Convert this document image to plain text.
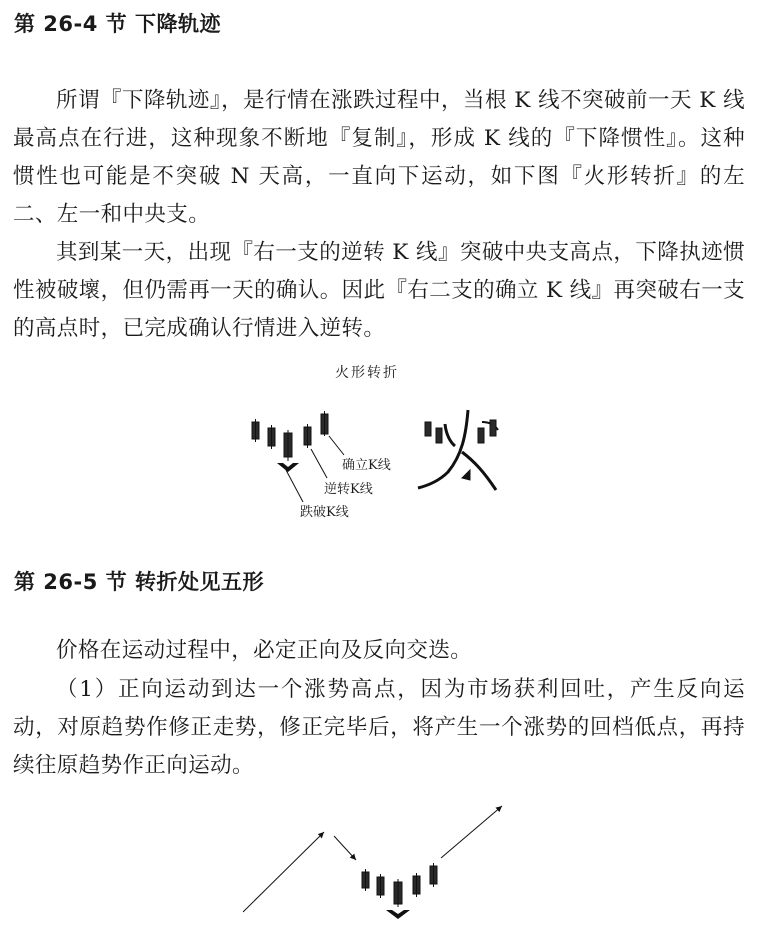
第 26-4 节 下降轨迹

所谓『下降轨迹』，是行情在涨跌过程中，当根 K 线不突破前一天 K 线最高点在行进，这种现象不断地『复制』，形成 K 线的『下降惯性』。这种惯性也可能是不突破 N 天高，一直向下运动，如下图『火形转折』的左二、左一和中央支。

其到某一天，出现『右一支的逆转 K 线』突破中央支高点，下降执迹惯性被破壞，但仍需再一天的确认。因此『右二支的确立 K 线』再突破右一支的高点时，已完成确认行情进入逆转。

火形转折
确立K线
逆转K线
跌破K线
第 26-5 节 转折处见五形

价格在运动过程中，必定正向及反向交迭。

（1）正向运动到达一个涨势高点，因为市场获利回吐，产生反向运动，对原趋势作修正走势，修正完毕后，将产生一个涨势的回档低点，再持续往原趋势作正向运动。
